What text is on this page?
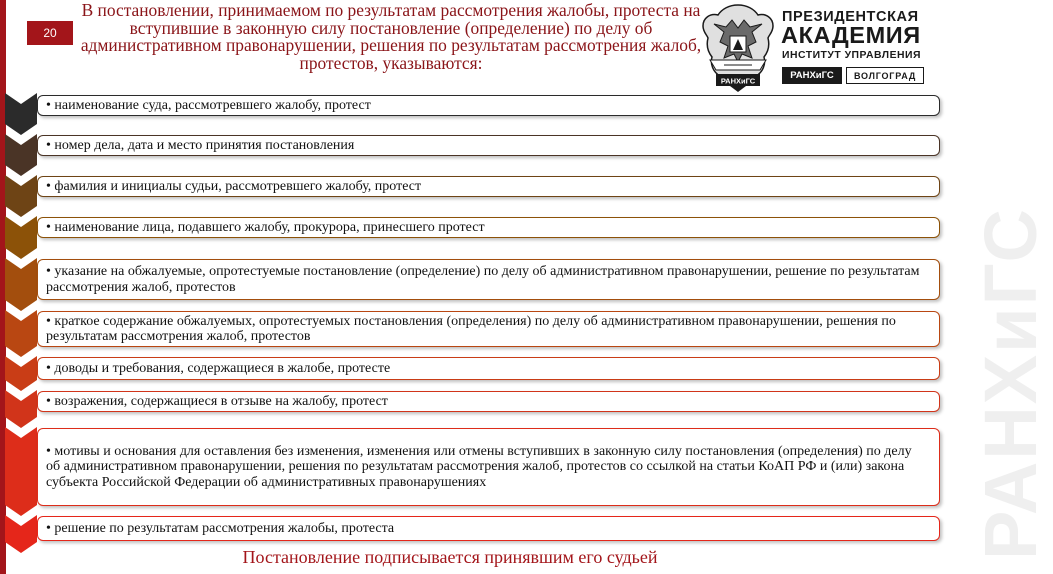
20
В постановлении, принимаемом по результатам рассмотрения жалобы, протеста на вступившие в законную силу постановление (определение) по делу об административном правонарушении, решения по результатам рассмотрения жалоб, протестов, указываются:
РАНХиГС
РАНХиГС
ПРЕЗИДЕНТСКАЯ
АКАДЕМИЯ
ИНСТИТУТ УПРАВЛЕНИЯ
РАНХиГС	ВОЛГОГРАД
• наименование суда, рассмотревшего жалобу, протест
• номер дела, дата и место принятия постановления
• фамилия и инициалы судьи, рассмотревшего жалобу, протест
• наименование лица, подавшего жалобу, прокурора, принесшего протест
• указание на обжалуемые, опротестуемые постановление (определение) по делу об административном правонарушении, решение по результатам рассмотрения жалоб, протестов
• краткое содержание обжалуемых, опротестуемых постановления (определения) по делу об административном правонарушении, решения по результатам рассмотрения жалоб, протестов
• доводы и требования, содержащиеся в жалобе, протесте
• возражения, содержащиеся в отзыве на жалобу, протест
• мотивы и основания для оставления без изменения, изменения или отмены вступивших в законную силу постановления (определения) по делу об административном правонарушении, решения по результатам рассмотрения жалоб, протестов со ссылкой на статьи КоАП РФ и (или) закона субъекта Российской Федерации об административных правонарушениях
• решение по результатам рассмотрения жалобы, протеста
Постановление подписывается принявшим его судьей
